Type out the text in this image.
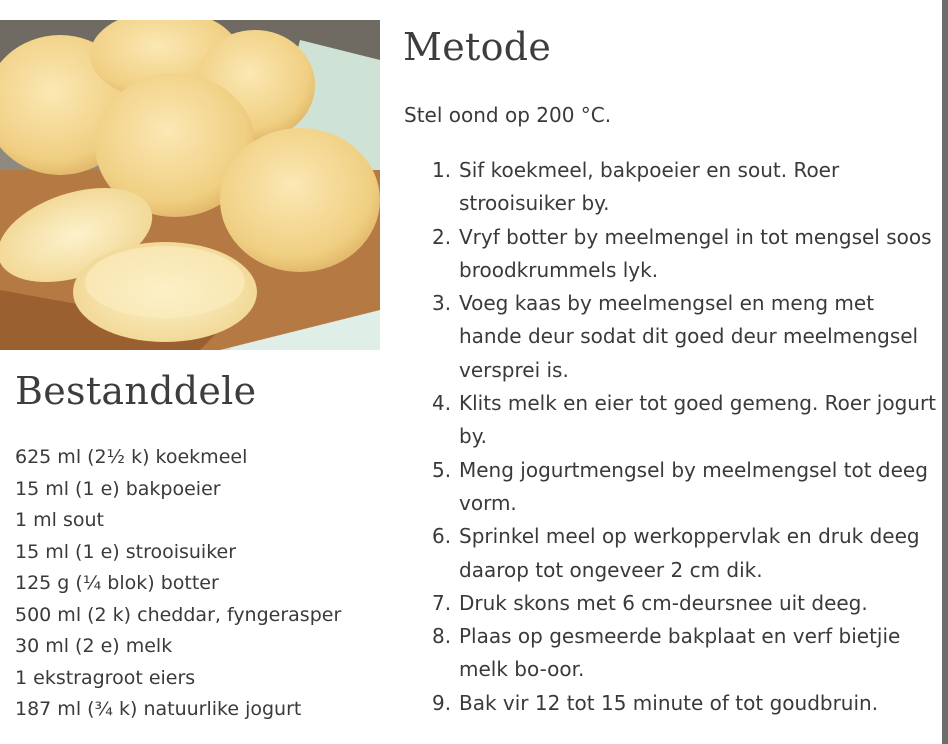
Metode
Stel oond op 200 °C.
1. Sif koekmeel, bakpoeier en sout. Roer strooisuiker by.
2. Vryf botter by meelmengel in tot mengsel soos broodkrummels lyk.
3. Voeg kaas by meelmengsel en meng met hande deur sodat dit goed deur meelmengsel versprei is.
4. Klits melk en eier tot goed gemeng. Roer jogurt by.
5. Meng jogurtmengsel by meelmengsel tot deeg vorm.
6. Sprinkel meel op werkoppervlak en druk deeg daarop tot ongeveer 2 cm dik.
7. Druk skons met 6 cm-deursnee uit deeg.
8. Plaas op gesmeerde bakplaat en verf bietjie melk bo-oor.
9. Bak vir 12 tot 15 minute of tot goudbruin.
Bestanddele
625 ml (2½ k) koekmeel
15 ml (1 e) bakpoeier
1 ml sout
15 ml (1 e) strooisuiker
125 g (¼ blok) botter
500 ml (2 k) cheddar, fyngerasper
30 ml (2 e) melk
1 ekstragroot eiers
187 ml (¾ k) natuurlike jogurt
